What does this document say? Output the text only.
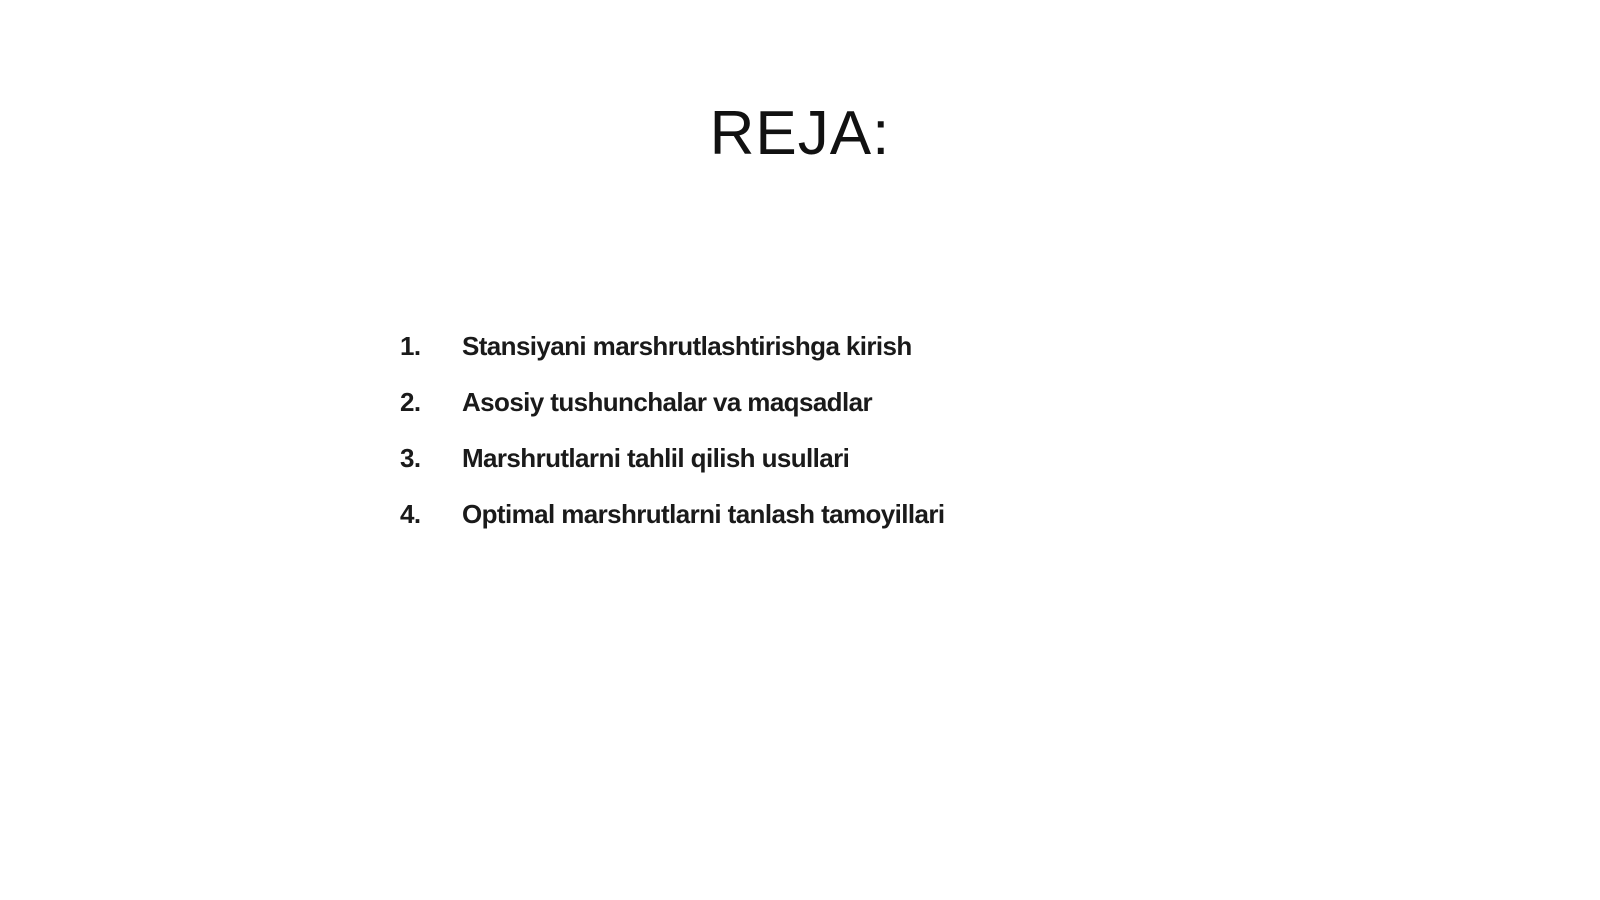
REJA:
1.	Stansiyani marshrutlashtirishga kirish
2.	Asosiy tushunchalar va maqsadlar
3.	Marshrutlarni tahlil qilish usullari
4.	Optimal marshrutlarni tanlash tamoyillari
